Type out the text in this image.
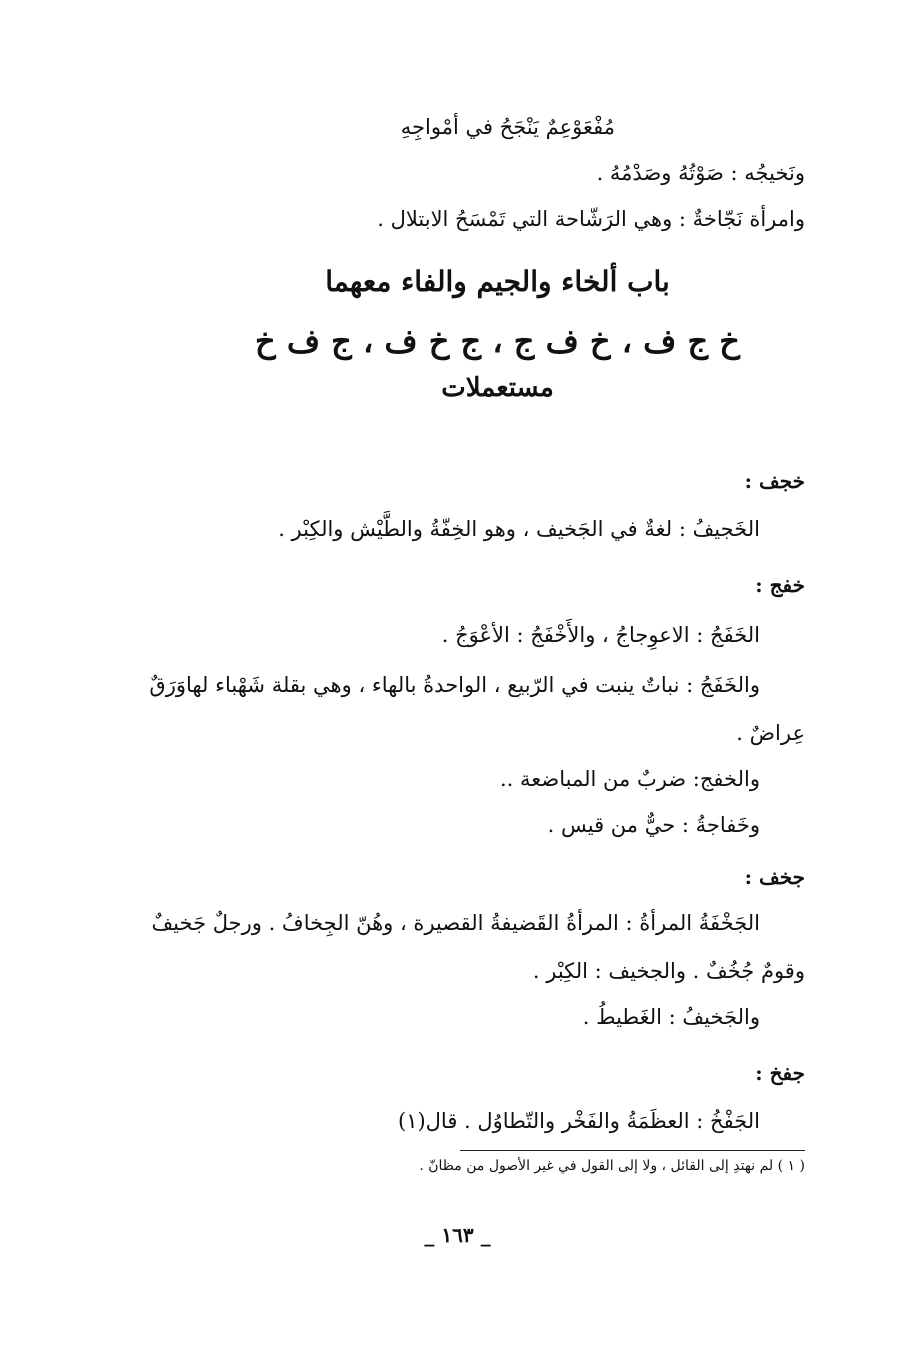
مُفْعَوْعِمٌ يَنْجَحُ في أمْواجِهِ
ونَخيجُه : صَوْتُهُ وصَدْمُهُ .
وامرأة نَجّاخةٌ : وهي الرَشّاحة التي تَمْسَحُ الابتلال .
باب ألخاء والجيم والفاء معهما
خ ج ف ، خ ف ج ، ج خ ف ، ج ف خ
مستعملات
خجف :
الخَجيفُ : لغةٌ في الجَخيف ، وهو الخِفّةُ والطَّيْش والكِبْر .
خفج :
الخَفَجُ : الاعوِجاجُ ، والأَخْفَجُ : الأعْوَجُ .
والخَفَجُ : نباتٌ ينبت في الرّبيع ، الواحدةُ بالهاء ، وهي بقلة شَهْباء لهاوَرَقٌ
عِراضٌ .
والخفج: ضربٌ من المباضعة ..
وخَفاجةُ : حيٌّ من قيس .
جخف :
الجَخْفَةُ المرأةُ : المرأةُ القَضيفةُ القصيرة ، وهُنّ الجِخافُ . ورجلٌ جَخيفٌ
وقومٌ جُخُفٌ . والجخيف : الكِبْر .
والجَخيفُ : الغَطيطُ .
جفخ :
الجَفْخُ : العظَمَةُ والفَخْر والتّطاوُل . قال(١)
( ١ ) لم نهتدِ إلى القائل ، ولا إلى القول في غير الأصول من مظانّ .
_ ١٦٣ _
